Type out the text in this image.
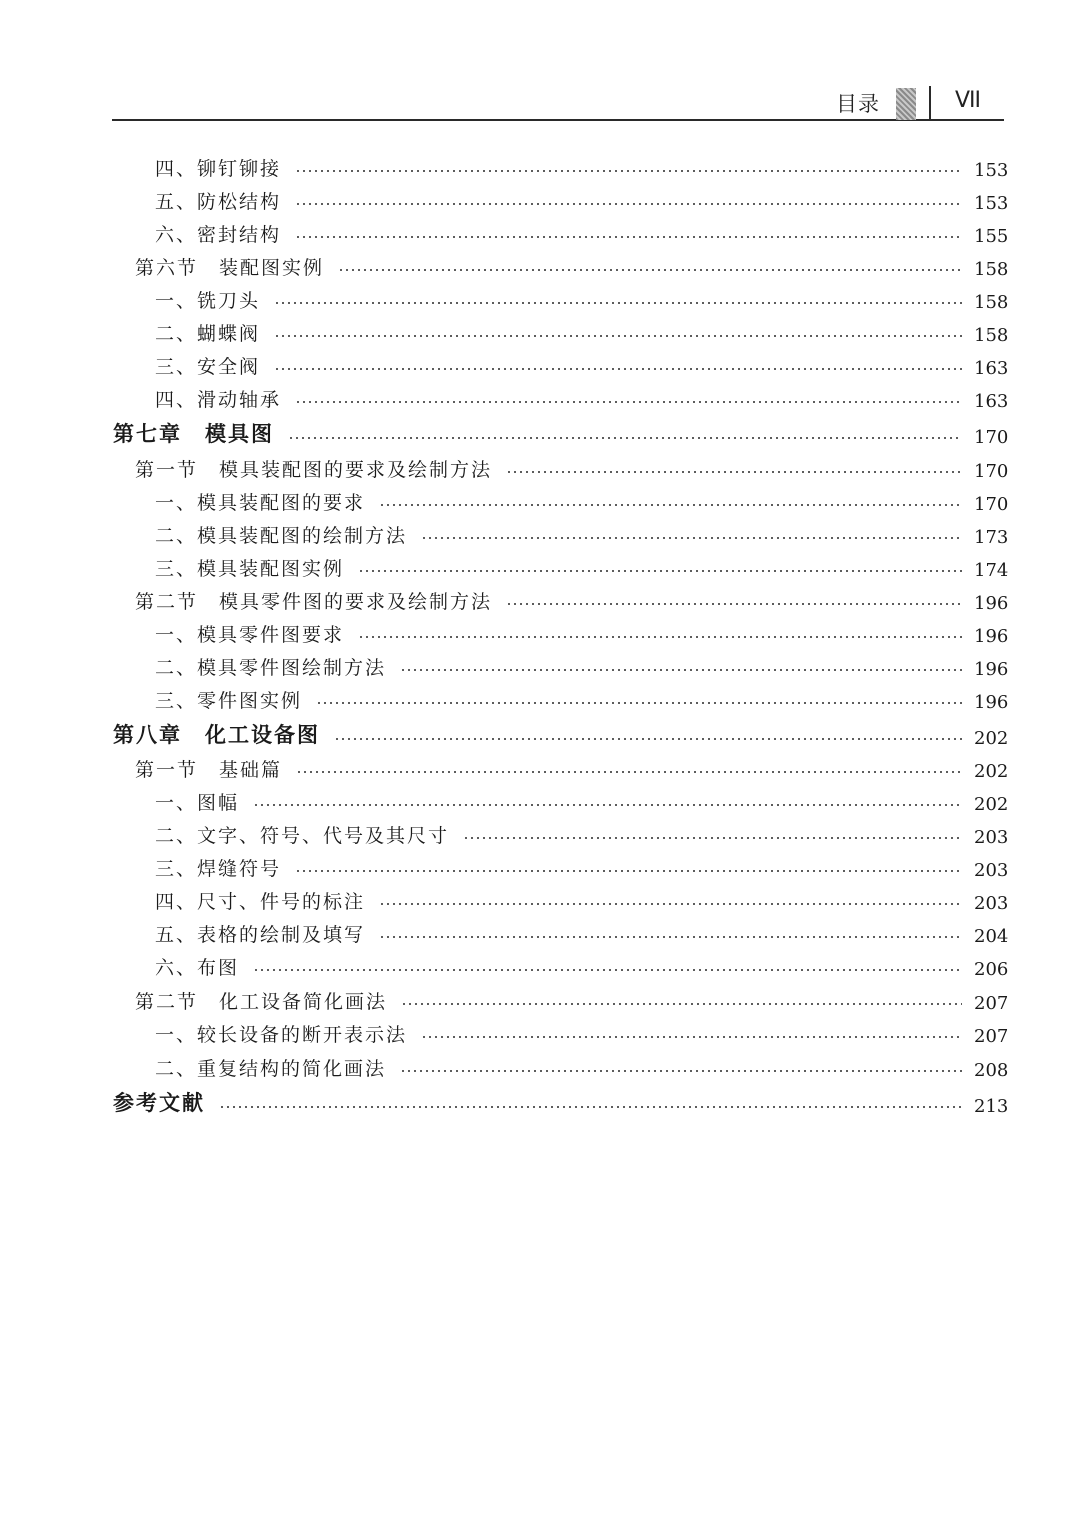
目录	VII
四、铆钉铆接	153
五、防松结构	153
六、密封结构	155
第六节　装配图实例	158
一、铣刀头	158
二、蝴蝶阀	158
三、安全阀	163
四、滑动轴承	163
第七章　模具图	170
第一节　模具装配图的要求及绘制方法	170
一、模具装配图的要求	170
二、模具装配图的绘制方法	173
三、模具装配图实例	174
第二节　模具零件图的要求及绘制方法	196
一、模具零件图要求	196
二、模具零件图绘制方法	196
三、零件图实例	196
第八章　化工设备图	202
第一节　基础篇	202
一、图幅	202
二、文字、符号、代号及其尺寸	203
三、焊缝符号	203
四、尺寸、件号的标注	203
五、表格的绘制及填写	204
六、布图	206
第二节　化工设备简化画法	207
一、较长设备的断开表示法	207
二、重复结构的简化画法	208
参考文献	213
